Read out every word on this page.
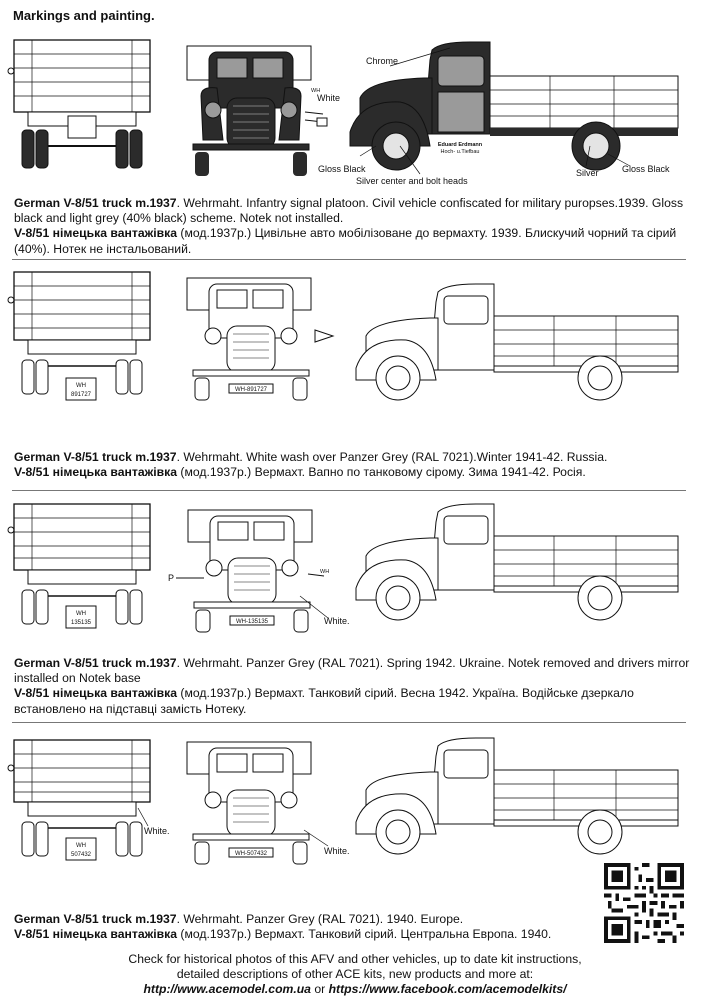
Markings and painting.
WH
White
Eduard Erdmann
Hoch- u.Tiefbau
Chrome
Gloss Black
Silver center and bolt heads
Silver	Gloss Black
German V-8/51 truck m.1937. Wehrmaht. Infantry signal platoon. Civil vehicle confiscated for military puropses.1939. Gloss black and light grey (40% black) scheme. Notek not installed.
V-8/51 німецька вантажівка (мод.1937р.) Цивільне авто мобілізоване до вермахту. 1939. Блискучий чорний та сірий (40%). Нотек не інстальований.
WH
891727
WH-891727
German V-8/51 truck m.1937. Wehrmaht. White wash over Panzer Grey (RAL 7021).Winter 1941-42. Russia.
V-8/51 німецька вантажівка (мод.1937р.) Вермахт. Вапно по танковому сірому. Зима 1941-42. Росія.
WH
135135
P
WH
WH-135135	White.
German V-8/51 truck m.1937. Wehrmaht. Panzer Grey (RAL 7021). Spring 1942. Ukraine. Notek removed and drivers mirror installed on Notek base
V-8/51 німецька вантажівка (мод.1937р.) Вермахт. Танковий сірий. Весна 1942. Україна. Водійське дзеркало встановлено на підставці замість Нотеку.
WH
507432
White.
WH-507432	White.
German V-8/51 truck m.1937. Wehrmaht. Panzer Grey (RAL 7021). 1940. Europe.
V-8/51 німецька вантажівка (мод.1937р.) Вермахт. Танковий сірий. Центральна Европа. 1940.
Check for historical photos of this AFV and other vehicles, up to date kit instructions,
detailed descriptions of other ACE kits, new products and more at:
http://www.acemodel.com.ua or https://www.facebook.com/acemodelkits/
